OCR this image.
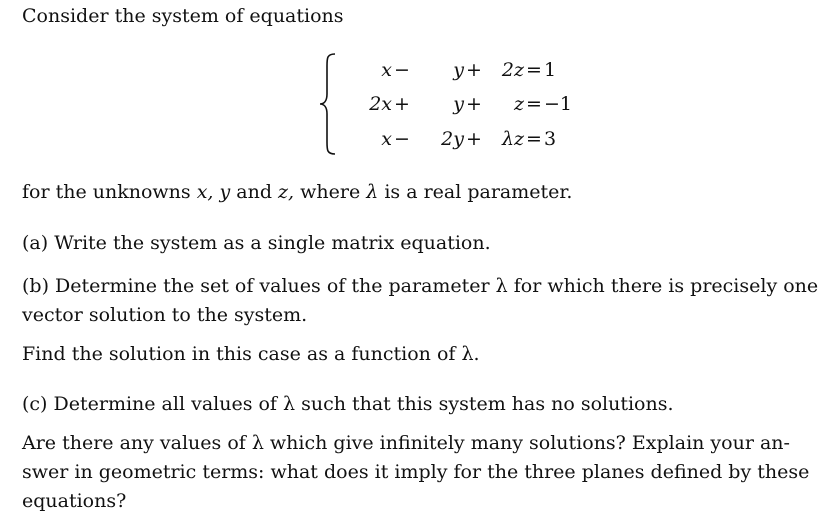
Consider the system of equations
x − y + 2z = 1
2x + y + z = −1
x − 2y + λz = 3
for the unknowns x, y and z, where λ is a real parameter.
(a) Write the system as a single matrix equation.
(b) Determine the set of values of the parameter λ for which there is precisely one
vector solution to the system.
Find the solution in this case as a function of λ.
(c) Determine all values of λ such that this system has no solutions.
Are there any values of λ which give infinitely many solutions? Explain your an-
swer in geometric terms: what does it imply for the three planes defined by these
equations?
